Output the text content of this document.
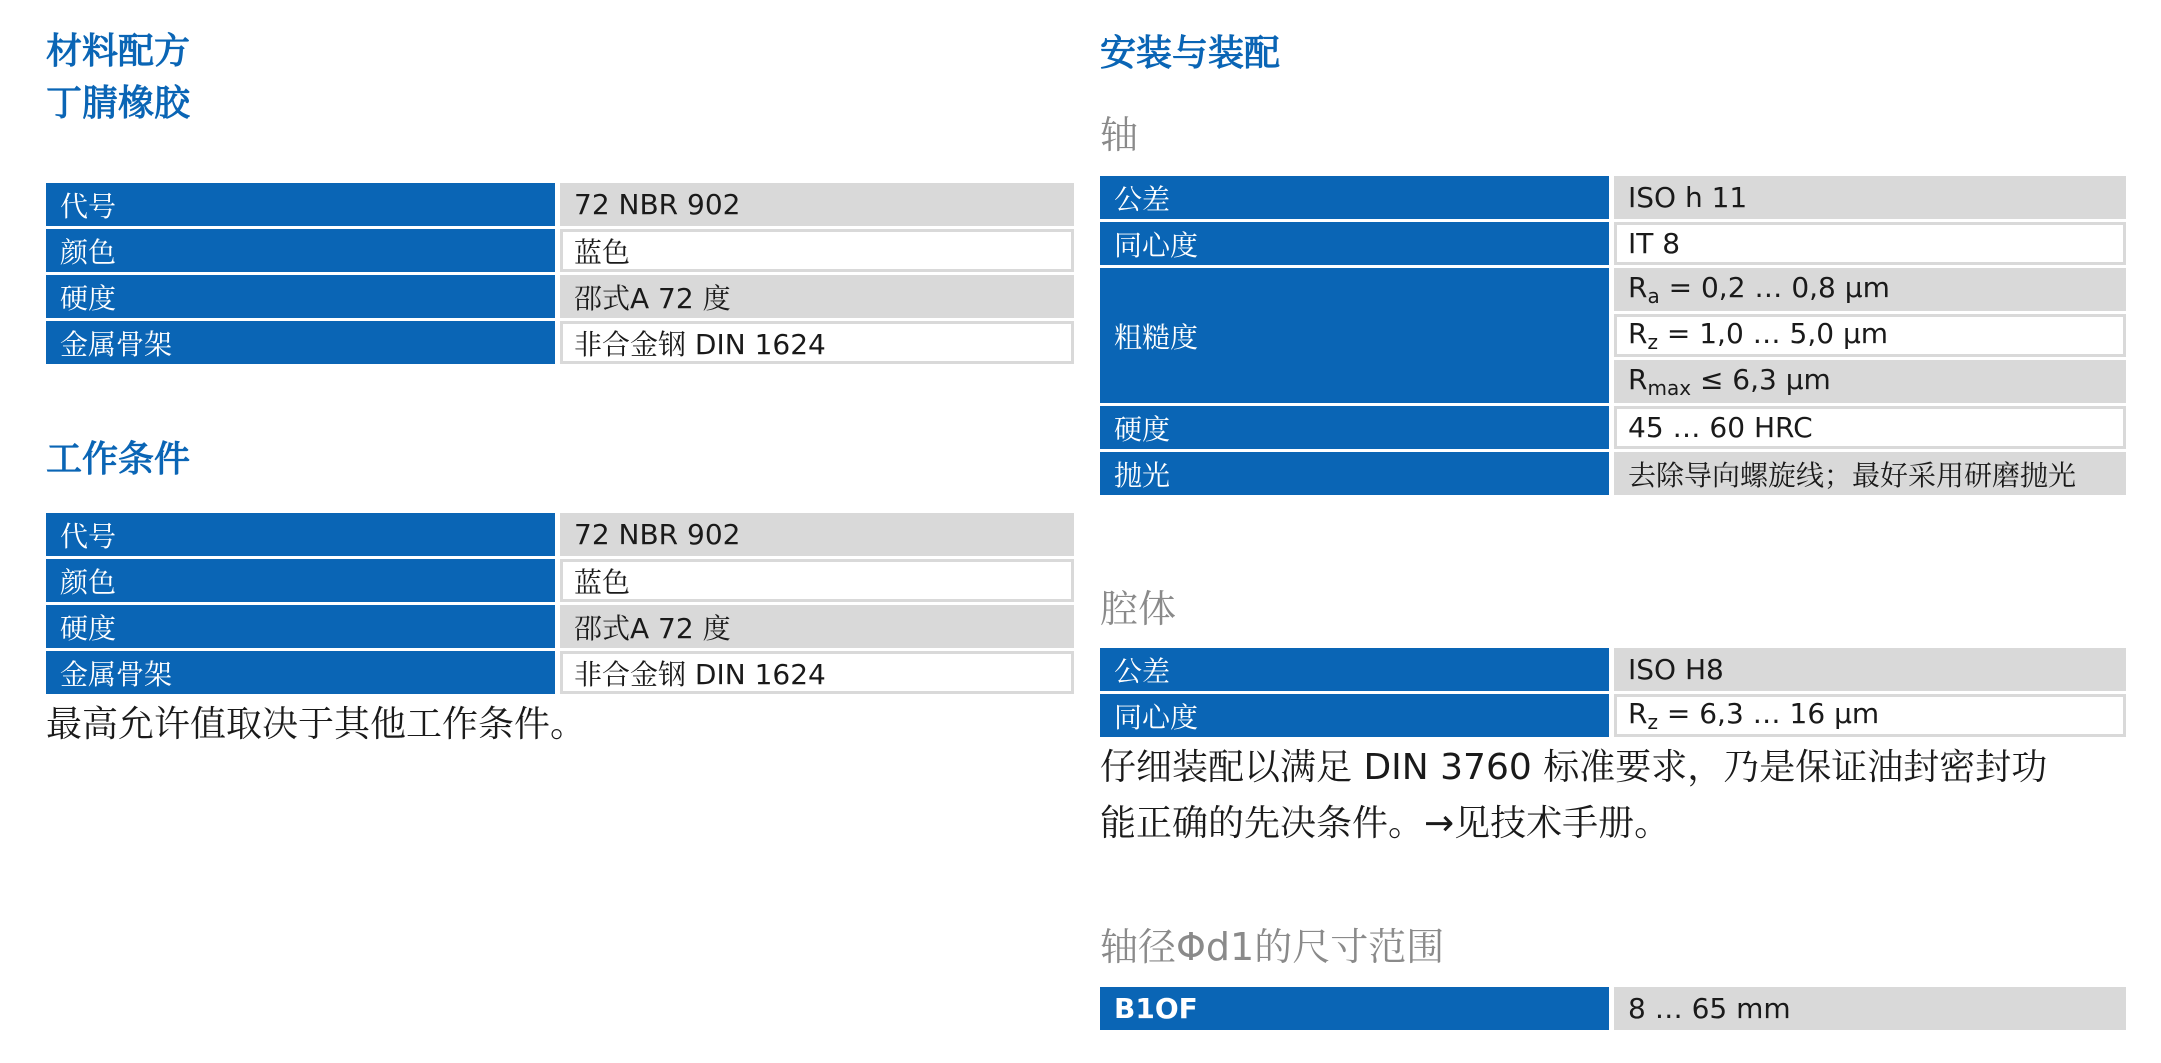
材料配方
丁腈橡胶
代号	72 NBR 902
颜色	蓝色
硬度	邵式A 72 度
金属骨架	非合金钢 DIN 1624
工作条件
代号	72 NBR 902
颜色	蓝色
硬度	邵式A 72 度
金属骨架	非合金钢 DIN 1624
最高允许值取决于其他工作条件。
安装与装配
轴
公差	ISO h 11
同心度	IT 8
粗糙度	$R_a = 0,2$ … 0,8 µm
	$R_z = 1,0$ … 5,0 µm
	$R_{max} \le 6,3$ µm
硬度	45 … 60 HRC
抛光	去除导向螺旋线；最好采用研磨抛光
腔体
公差	ISO H8
同心度	$R_z = 6,3$ … 16 µm
仔细装配以满足 DIN 3760 标准要求，乃是保证油封密封功
能正确的先决条件。→见技术手册。
轴径Φd1的尺寸范围
B1OF	8 … 65 mm
